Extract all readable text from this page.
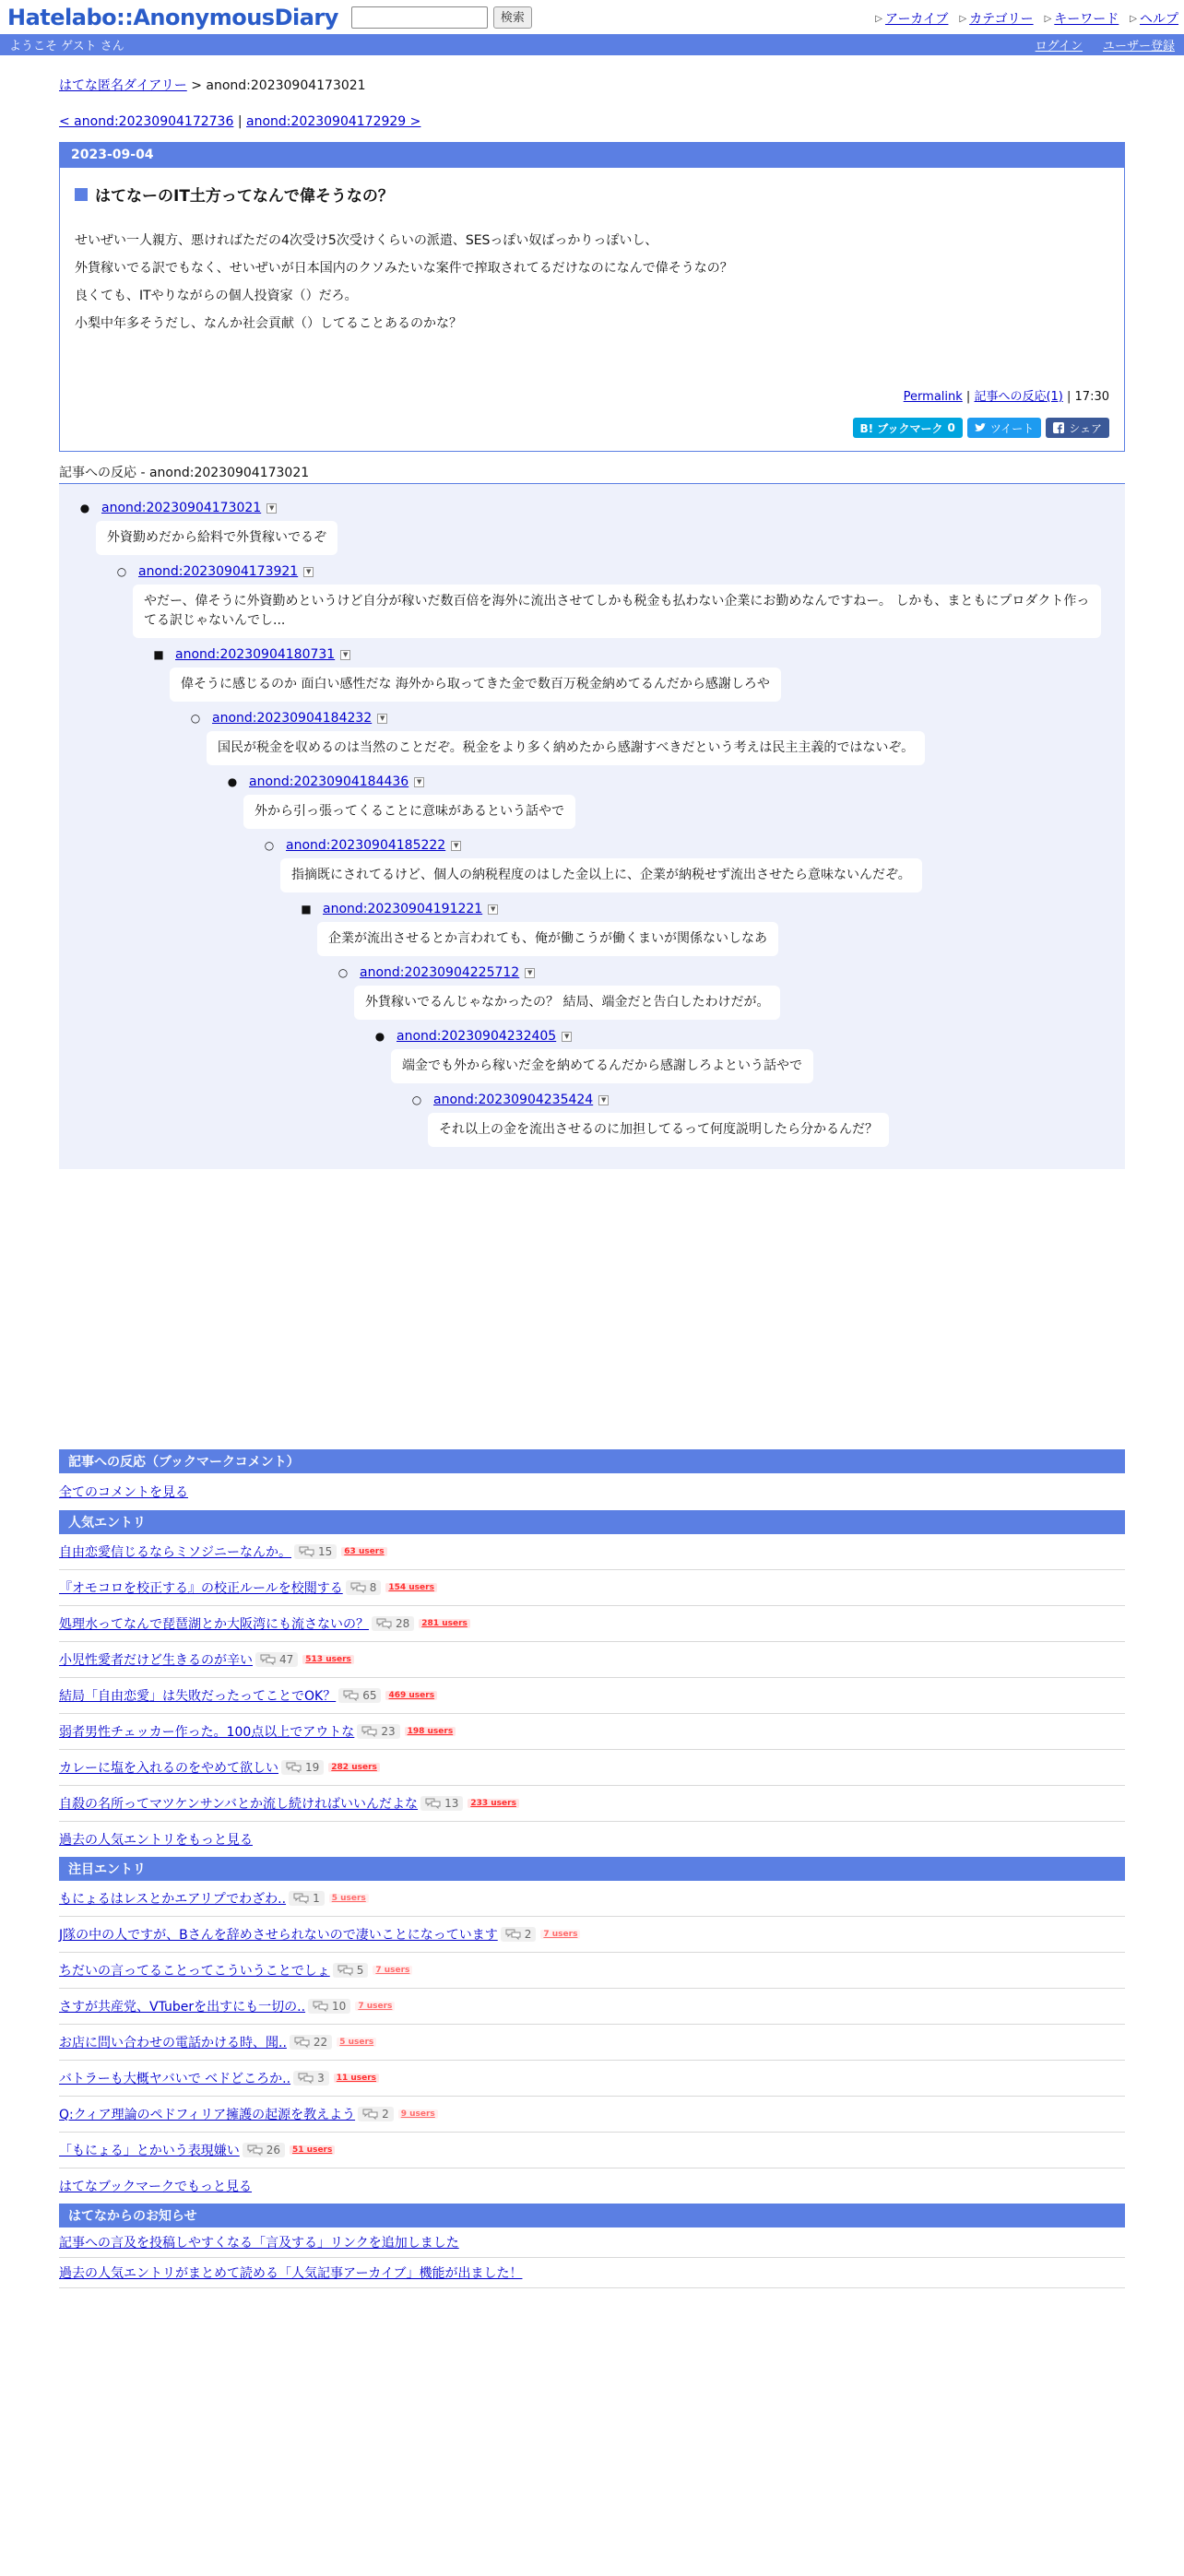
Hatelabo::AnonymousDiary	検索	▷ アーカイブ ▷ カテゴリー ▷ キーワード ▷ ヘルプ
ようこそ ゲスト さん	ログイン ユーザー登録
はてな匿名ダイアリー > anond:20230904173021
< anond:20230904172736 | anond:20230904172929 >
2023-09-04
はてなーのIT土方ってなんで偉そうなの？

せいぜい一人親方、悪ければただの4次受け5次受けくらいの派遣、SESっぽい奴ばっかりっぽいし、

外貨稼いでる訳でもなく、せいぜいが日本国内のクソみたいな案件で搾取されてるだけなのになんで偉そうなの？

良くても、ITやりながらの個人投資家（）だろ。

小梨中年多そうだし、なんか社会貢献（）してることあるのかな？

Permalink | 記事への反応(1) | 17:30
B! ブックマーク 0	ツイート	シェア
記事への反応 - anond:20230904173021
● anond:20230904173021	▼
外資勤めだから給料で外貨稼いでるぞ
○ anond:20230904173921	▼
やだー、偉そうに外資勤めというけど自分が稼いだ数百倍を海外に流出させてしかも税金も払わない企業にお勤めなんですねー。 しかも、まともにプロダクト作ってる訳じゃないんでし...
■ anond:20230904180731	▼
偉そうに感じるのか 面白い感性だな 海外から取ってきた金で数百万税金納めてるんだから感謝しろや
○ anond:20230904184232	▼
国民が税金を収めるのは当然のことだぞ。税金をより多く納めたから感謝すべきだという考えは民主主義的ではないぞ。
● anond:20230904184436	▼
外から引っ張ってくることに意味があるという話やで
○ anond:20230904185222	▼
指摘既にされてるけど、個人の納税程度のはした金以上に、企業が納税せず流出させたら意味ないんだぞ。
■ anond:20230904191221	▼
企業が流出させるとか言われても、俺が働こうが働くまいが関係ないしなあ
○ anond:20230904225712	▼
外貨稼いでるんじゃなかったの？ 結局、端金だと告白したわけだが。
● anond:20230904232405	▼
端金でも外から稼いだ金を納めてるんだから感謝しろよという話やで
○ anond:20230904235424	▼
それ以上の金を流出させるのに加担してるって何度説明したら分かるんだ？
記事への反応（ブックマークコメント）
全てのコメントを見る
人気エントリ
自由恋愛信じるならミソジニーなんか。 15	63 users
『オモコロを校正する』の校正ルールを校閲する 8	154 users
処理水ってなんで琵琶湖とか大阪湾にも流さないの？ 28	281 users
小児性愛者だけど生きるのが辛い 47	513 users
結局「自由恋愛」は失敗だったってことでOK？ 65	469 users
弱者男性チェッカー作った。100点以上でアウトな 23	198 users
カレーに塩を入れるのをやめて欲しい 19	282 users
自殺の名所ってマツケンサンバとか流し続ければいいんだよな 13	233 users
過去の人気エントリをもっと見る
注目エントリ
もにょるはレスとかエアリプでわざわ.. 1	5 users
J隊の中の人ですが、Bさんを辞めさせられないので凄いことになっています 2	7 users
ちだいの言ってることってこういうことでしょ 5	7 users
さすが共産党、VTuberを出すにも一切の.. 10	7 users
お店に問い合わせの電話かける時、聞.. 22	5 users
バトラーも大概ヤバいで ベドどころか.. 3	11 users
Q:クィア理論のペドフィリア擁護の起源を教えよう 2	9 users
「もにょる」とかいう表現嫌い 26	51 users
はてなブックマークでもっと見る
はてなからのお知らせ
記事への言及を投稿しやすくなる「言及する」リンクを追加しました
過去の人気エントリがまとめて読める「人気記事アーカイブ」機能が出ました！
